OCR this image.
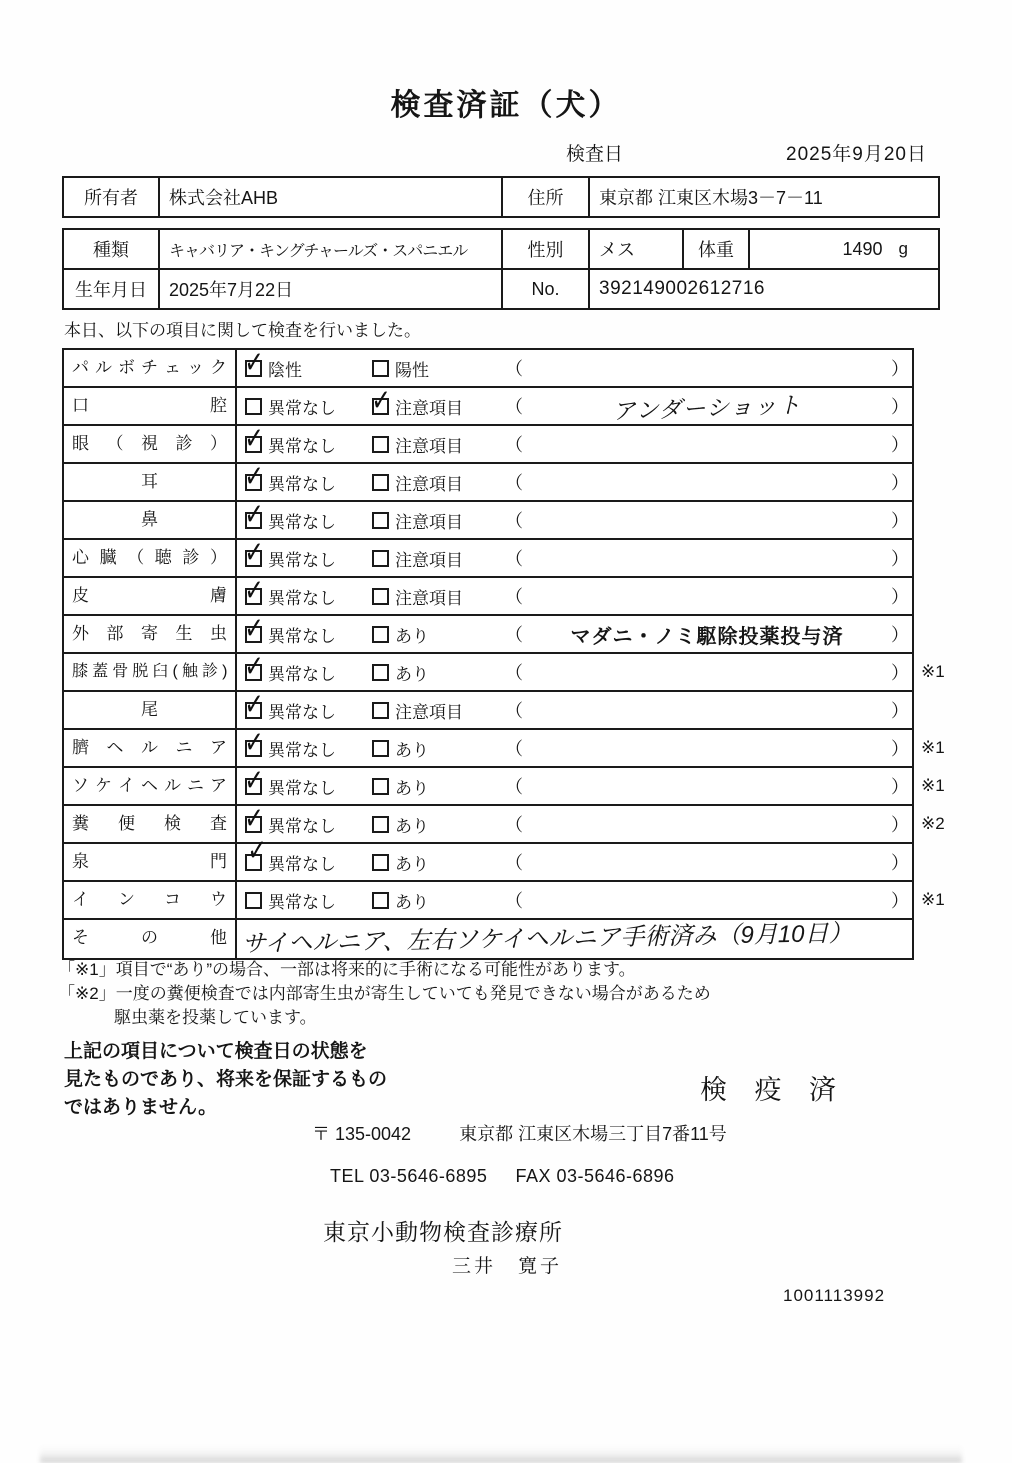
検査済証（犬）
検査日	2025年9月20日
所有者	株式会社AHB	住所	東京都 江東区木場3－7－11
種類	キャバリア・キングチャールズ・スパニエル	性別	メス	体重	1490 g
生年月日	2025年7月22日	No.	392149002612716
本日、以下の項目に関して検査を行いました。
パ ル ボ チ ェ ッ ク ✓	陰性	陽性	（	）
口 腔	異常なし ✓	注意項目 （	アンダーショット	）
眼 （ 視 診 ） ✓	異常なし	注意項目 （	）
耳 ✓	異常なし	注意項目 （	）
鼻 ✓	異常なし	注意項目 （	）
心 臓 （ 聴 診 ） ✓	異常なし	注意項目 （	）
皮 膚 ✓	異常なし	注意項目 （	）
外 部 寄 生 虫 ✓	異常なし	あり	（	マダニ・ノミ駆除投薬投与済	）
膝蓋骨脱臼(触診) ✓	異常なし	あり	（	） ※1
尾 ✓	異常なし	注意項目 （	）
臍 ヘ ル ニ ア ✓	異常なし	あり	（	） ※1
ソ ケ イ ヘ ル ニ ア ✓	異常なし	あり	（	） ※1
糞 便 検 査 ✓	異常なし	あり	（	） ※2
泉 門 ✓	異常なし	あり	（	）
イ ン コ ウ	異常なし	あり	（	） ※1
そ の 他 サイヘルニア、左右ソケイヘルニア手術済み（9月10日）
「※1」項目で“あり”の場合、一部は将来的に手術になる可能性があります。
「※2」一度の糞便検査では内部寄生虫が寄生していても発見できない場合があるため
駆虫薬を投薬しています。
上記の項目について検査日の状態を
見たものであり、将来を保証するもの
ではありません。
検 疫 済
〒 135-0042	東京都 江東区木場三丁目7番11号
TEL 03-5646-6895 FAX 03-5646-6896
東京小動物検査診療所
三井　寛子
1001113992
